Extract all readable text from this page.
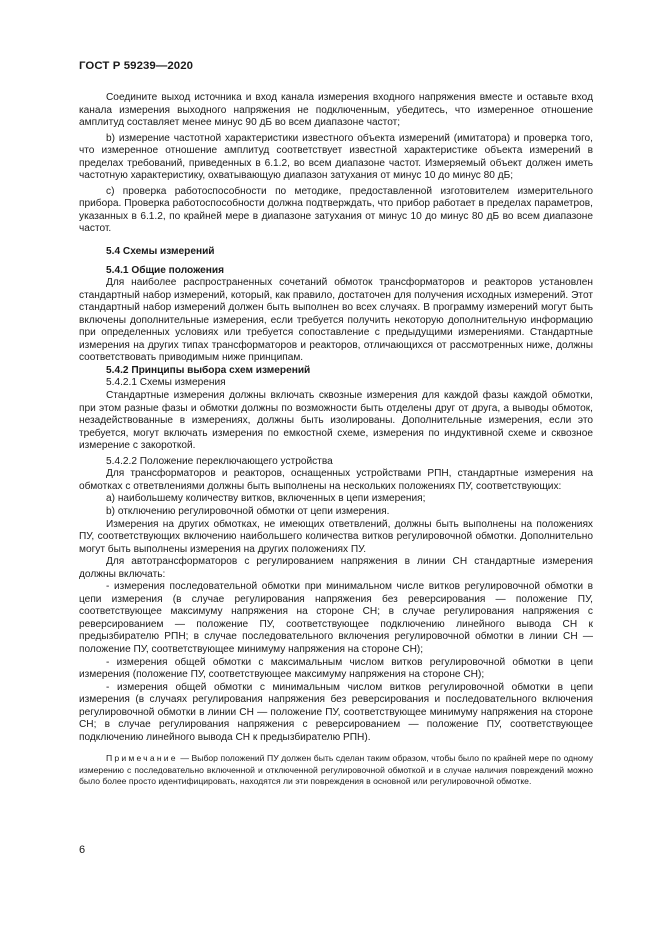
ГОСТ Р 59239—2020

Соедините выход источника и вход канала измерения входного напряжения вместе и оставьте вход канала измерения выходного напряжения не подключенным, убедитесь, что измеренное отношение амплитуд составляет менее минус 90 дБ во всем диапазоне частот;

b) измерение частотной характеристики известного объекта измерений (имитатора) и проверка того, что измеренное отношение амплитуд соответствует известной характеристике объекта измерений в пределах требований, приведенных в 6.1.2, во всем диапазоне частот. Измеряемый объект должен иметь частотную характеристику, охватывающую диапазон затухания от минус 10 до минус 80 дБ;

c) проверка работоспособности по методике, предоставленной изготовителем измерительного прибора. Проверка работоспособности должна подтверждать, что прибор работает в пределах параметров, указанных в 6.1.2, по крайней мере в диапазоне затухания от минус 10 до минус 80 дБ во всем диапазоне частот.

5.4 Схемы измерений

5.4.1 Общие положения

Для наиболее распространенных сочетаний обмоток трансформаторов и реакторов установлен стандартный набор измерений, который, как правило, достаточен для получения исходных измерений. Этот стандартный набор измерений должен быть выполнен во всех случаях. В программу измерений могут быть включены дополнительные измерения, если требуется получить некоторую дополнительную информацию при определенных условиях или требуется сопоставление с предыдущими измерениями. Стандартные измерения на других типах трансформаторов и реакторов, отличающихся от рассмотренных ниже, должны соответствовать приводимым ниже принципам.

5.4.2 Принципы выбора схем измерений

5.4.2.1 Схемы измерения

Стандартные измерения должны включать сквозные измерения для каждой фазы каждой обмотки, при этом разные фазы и обмотки должны по возможности быть отделены друг от друга, а выводы обмоток, незадействованные в измерениях, должны быть изолированы. Дополнительные измерения, если это требуется, могут включать измерения по емкостной схеме, измерения по индуктивной схеме и сквозное измерение с закороткой.

5.4.2.2 Положение переключающего устройства

Для трансформаторов и реакторов, оснащенных устройствами РПН, стандартные измерения на обмотках с ответвлениями должны быть выполнены на нескольких положениях ПУ, соответствующих:

a) наибольшему количеству витков, включенных в цепи измерения;

b) отключению регулировочной обмотки от цепи измерения.

Измерения на других обмотках, не имеющих ответвлений, должны быть выполнены на положениях ПУ, соответствующих включению наибольшего количества витков регулировочной обмотки. Дополнительно могут быть выполнены измерения на других положениях ПУ.

Для автотрансформаторов с регулированием напряжения в линии СН стандартные измерения должны включать:

- измерения последовательной обмотки при минимальном числе витков регулировочной обмотки в цепи измерения (в случае регулирования напряжения без реверсирования — положение ПУ, соответствующее максимуму напряжения на стороне СН; в случае регулирования напряжения с реверсированием — положение ПУ, соответствующее подключению линейного вывода СН к предызбирателю РПН; в случае последовательного включения регулировочной обмотки в линии СН — положение ПУ, соответствующее минимуму напряжения на стороне СН);

- измерения общей обмотки с максимальным числом витков регулировочной обмотки в цепи измерения (положение ПУ, соответствующее максимуму напряжения на стороне СН);

- измерения общей обмотки с минимальным числом витков регулировочной обмотки в цепи измерения (в случаях регулирования напряжения без реверсирования и последовательного включения регулировочной обмотки в линии СН — положение ПУ, соответствующее минимуму напряжения на стороне СН; в случае регулирования напряжения с реверсированием — положение ПУ, соответствующее подключению линейного вывода СН к предызбирателю РПН).

Примечание — Выбор положений ПУ должен быть сделан таким образом, чтобы было по крайней мере по одному измерению с последовательно включенной и отключенной регулировочной обмоткой и в случае наличия повреждений можно было более просто идентифицировать, находятся ли эти повреждения в основной или регулировочной обмотке.

6
